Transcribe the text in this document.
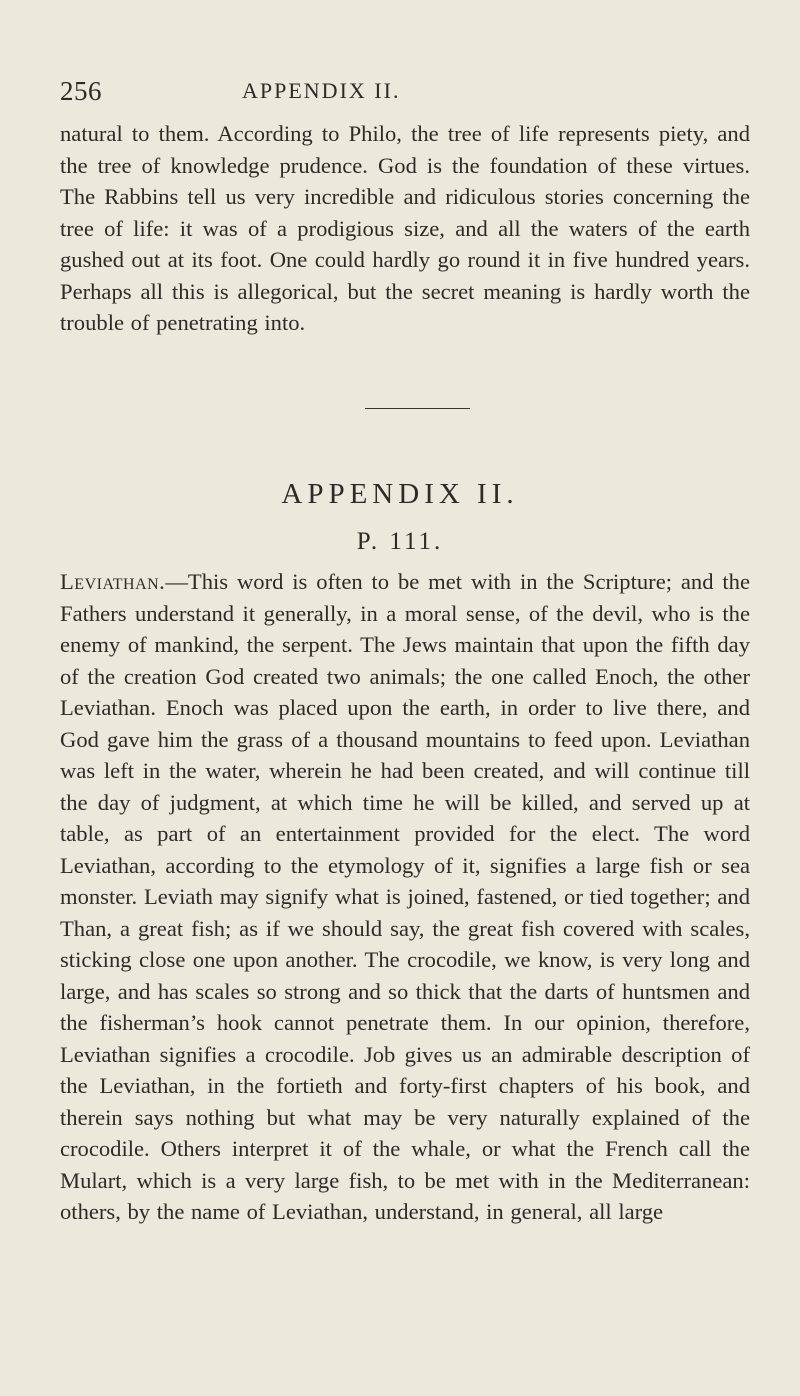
256	APPENDIX II.

natural to them. According to Philo, the tree of life represents piety, and the tree of knowledge prudence. God is the foundation of these virtues. The Rabbins tell us very incredible and ridiculous stories concerning the tree of life: it was of a prodigious size, and all the waters of the earth gushed out at its foot. One could hardly go round it in five hundred years. Perhaps all this is allegorical, but the secret meaning is hardly worth the trouble of penetrating into.

APPENDIX II.
P. 111.

Leviathan.—This word is often to be met with in the Scripture; and the Fathers understand it generally, in a moral sense, of the devil, who is the enemy of mankind, the serpent. The Jews maintain that upon the fifth day of the creation God created two animals; the one called Enoch, the other Leviathan. Enoch was placed upon the earth, in order to live there, and God gave him the grass of a thousand mountains to feed upon. Leviathan was left in the water, wherein he had been created, and will continue till the day of judgment, at which time he will be killed, and served up at table, as part of an entertainment provided for the elect. The word Leviathan, according to the etymology of it, signifies a large fish or sea monster. Leviath may signify what is joined, fastened, or tied together; and Than, a great fish; as if we should say, the great fish covered with scales, sticking close one upon another. The crocodile, we know, is very long and large, and has scales so strong and so thick that the darts of huntsmen and the fisherman’s hook cannot penetrate them. In our opinion, therefore, Leviathan signifies a crocodile. Job gives us an admirable description of the Leviathan, in the fortieth and forty-first chapters of his book, and therein says nothing but what may be very naturally explained of the crocodile. Others interpret it of the whale, or what the French call the Mulart, which is a very large fish, to be met with in the Mediterranean: others, by the name of Leviathan, understand, in general, all large
